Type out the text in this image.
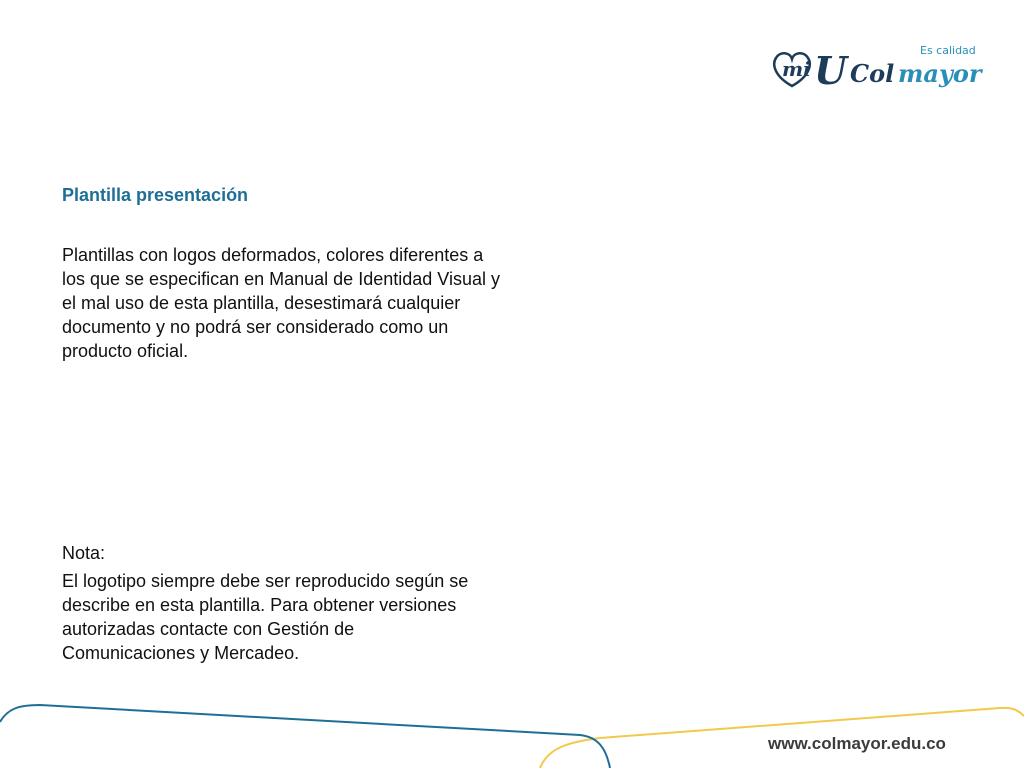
mi U Col mayor
Es calidad
Plantilla presentación
Plantillas con logos deformados, colores diferentes a los que se especifican en Manual de Identidad Visual y el mal uso de esta plantilla, desestimará cualquier documento y no podrá ser considerado como un producto oficial.
Nota:
El logotipo siempre debe ser reproducido según se describe en esta plantilla. Para obtener versiones autorizadas contacte con Gestión de Comunicaciones y Mercadeo.
www.colmayor.edu.co
